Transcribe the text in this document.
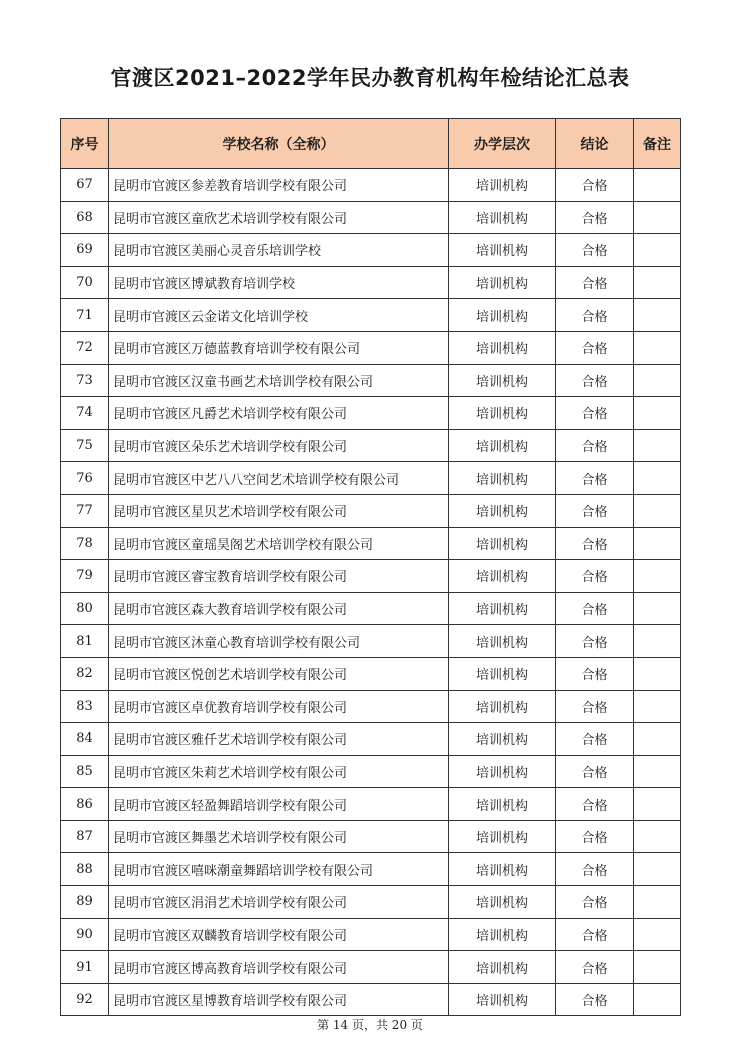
官渡区2021–2022学年民办教育机构年检结论汇总表
序号	学校名称（全称）	办学层次	结论	备注
67	昆明市官渡区参差教育培训学校有限公司	培训机构	合格	
68	昆明市官渡区童欣艺术培训学校有限公司	培训机构	合格	
69	昆明市官渡区美丽心灵音乐培训学校	培训机构	合格	
70	昆明市官渡区博斌教育培训学校	培训机构	合格	
71	昆明市官渡区云金诺文化培训学校	培训机构	合格	
72	昆明市官渡区万德蓝教育培训学校有限公司	培训机构	合格	
73	昆明市官渡区汉童书画艺术培训学校有限公司	培训机构	合格	
74	昆明市官渡区凡爵艺术培训学校有限公司	培训机构	合格	
75	昆明市官渡区朵乐艺术培训学校有限公司	培训机构	合格	
76	昆明市官渡区中艺八八空间艺术培训学校有限公司	培训机构	合格	
77	昆明市官渡区星贝艺术培训学校有限公司	培训机构	合格	
78	昆明市官渡区童瑶昊阁艺术培训学校有限公司	培训机构	合格	
79	昆明市官渡区睿宝教育培训学校有限公司	培训机构	合格	
80	昆明市官渡区森大教育培训学校有限公司	培训机构	合格	
81	昆明市官渡区沐童心教育培训学校有限公司	培训机构	合格	
82	昆明市官渡区悦创艺术培训学校有限公司	培训机构	合格	
83	昆明市官渡区卓优教育培训学校有限公司	培训机构	合格	
84	昆明市官渡区雅仟艺术培训学校有限公司	培训机构	合格	
85	昆明市官渡区朱莉艺术培训学校有限公司	培训机构	合格	
86	昆明市官渡区轻盈舞蹈培训学校有限公司	培训机构	合格	
87	昆明市官渡区舞墨艺术培训学校有限公司	培训机构	合格	
88	昆明市官渡区嘻咪潮童舞蹈培训学校有限公司	培训机构	合格	
89	昆明市官渡区涓涓艺术培训学校有限公司	培训机构	合格	
90	昆明市官渡区双麟教育培训学校有限公司	培训机构	合格	
91	昆明市官渡区博高教育培训学校有限公司	培训机构	合格	
92	昆明市官渡区星博教育培训学校有限公司	培训机构	合格	
第 14 页，共 20 页
